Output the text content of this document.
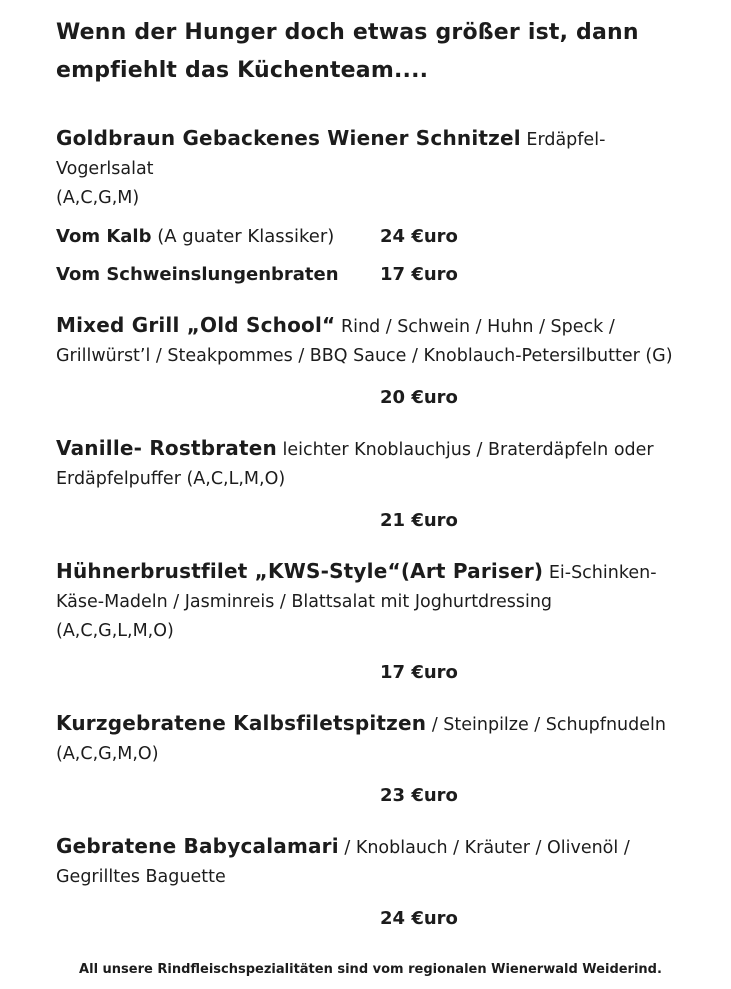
Wenn der Hunger doch etwas größer ist, dann
empfiehlt das Küchenteam....

Goldbraun Gebackenes Wiener Schnitzel Erdäpfel-Vogerlsalat

(A,C,G,M)

Vom Kalb (A guater Klassiker)	24 €uro
Vom Schweinslungenbraten 17 €uro

Mixed Grill „Old School“ Rind / Schwein / Huhn / Speck / Grillwürst’l / Steakpommes / BBQ Sauce / Knoblauch-Petersilbutter (G)

20 €uro

Vanille- Rostbraten leichter Knoblauchjus / Braterdäpfeln oder Erdäpfelpuffer (A,C,L,M,O)

21 €uro

Hühnerbrustfilet „KWS-Style“(Art Pariser) Ei-Schinken-Käse-Madeln / Jasminreis / Blattsalat mit Joghurtdressing

(A,C,G,L,M,O)

17 €uro

Kurzgebratene Kalbsfiletspitzen / Steinpilze / Schupfnudeln

(A,C,G,M,O)

23 €uro

Gebratene Babycalamari / Knoblauch / Kräuter / Olivenöl /

Gegrilltes Baguette

24 €uro
All unsere Rindfleischspezialitäten sind vom regionalen Wienerwald Weiderind.
